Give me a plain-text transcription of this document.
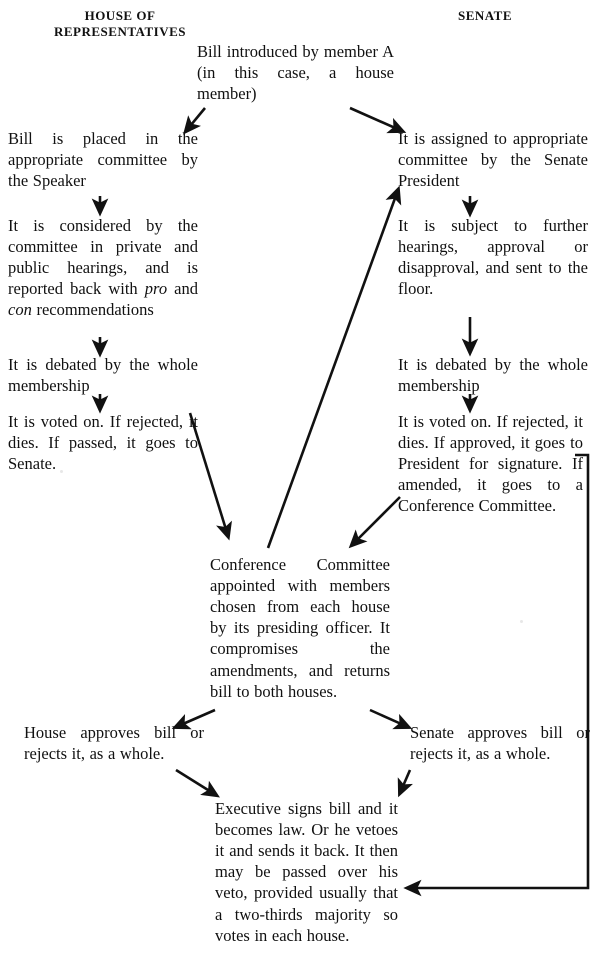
HOUSE OF
REPRESENTATIVES
SENATE
Bill introduced by member A (in this case, a house member)
Bill is placed in the appropriate committee by the Speaker
It is considered by the committee in private and public hearings, and is reported back with pro and con recommendations
It is debated by the whole membership
It is voted on. If rejected, it dies. If passed, it goes to Senate.
It is assigned to appropriate committee by the Senate President
It is subject to further hearings, approval or disapproval, and sent to the floor.
It is debated by the whole membership
It is voted on. If rejected, it dies. If approved, it goes to President for signature. If amended, it goes to a Conference Committee.
Conference Committee appointed with members chosen from each house by its presiding officer. It compromises the amendments, and returns bill to both houses.
House approves bill or rejects it, as a whole.
Senate approves bill or rejects it, as a whole.
Executive signs bill and it becomes law. Or he vetoes it and sends it back. It then may be passed over his veto, provided usually that a two-thirds majority so votes in each house.
